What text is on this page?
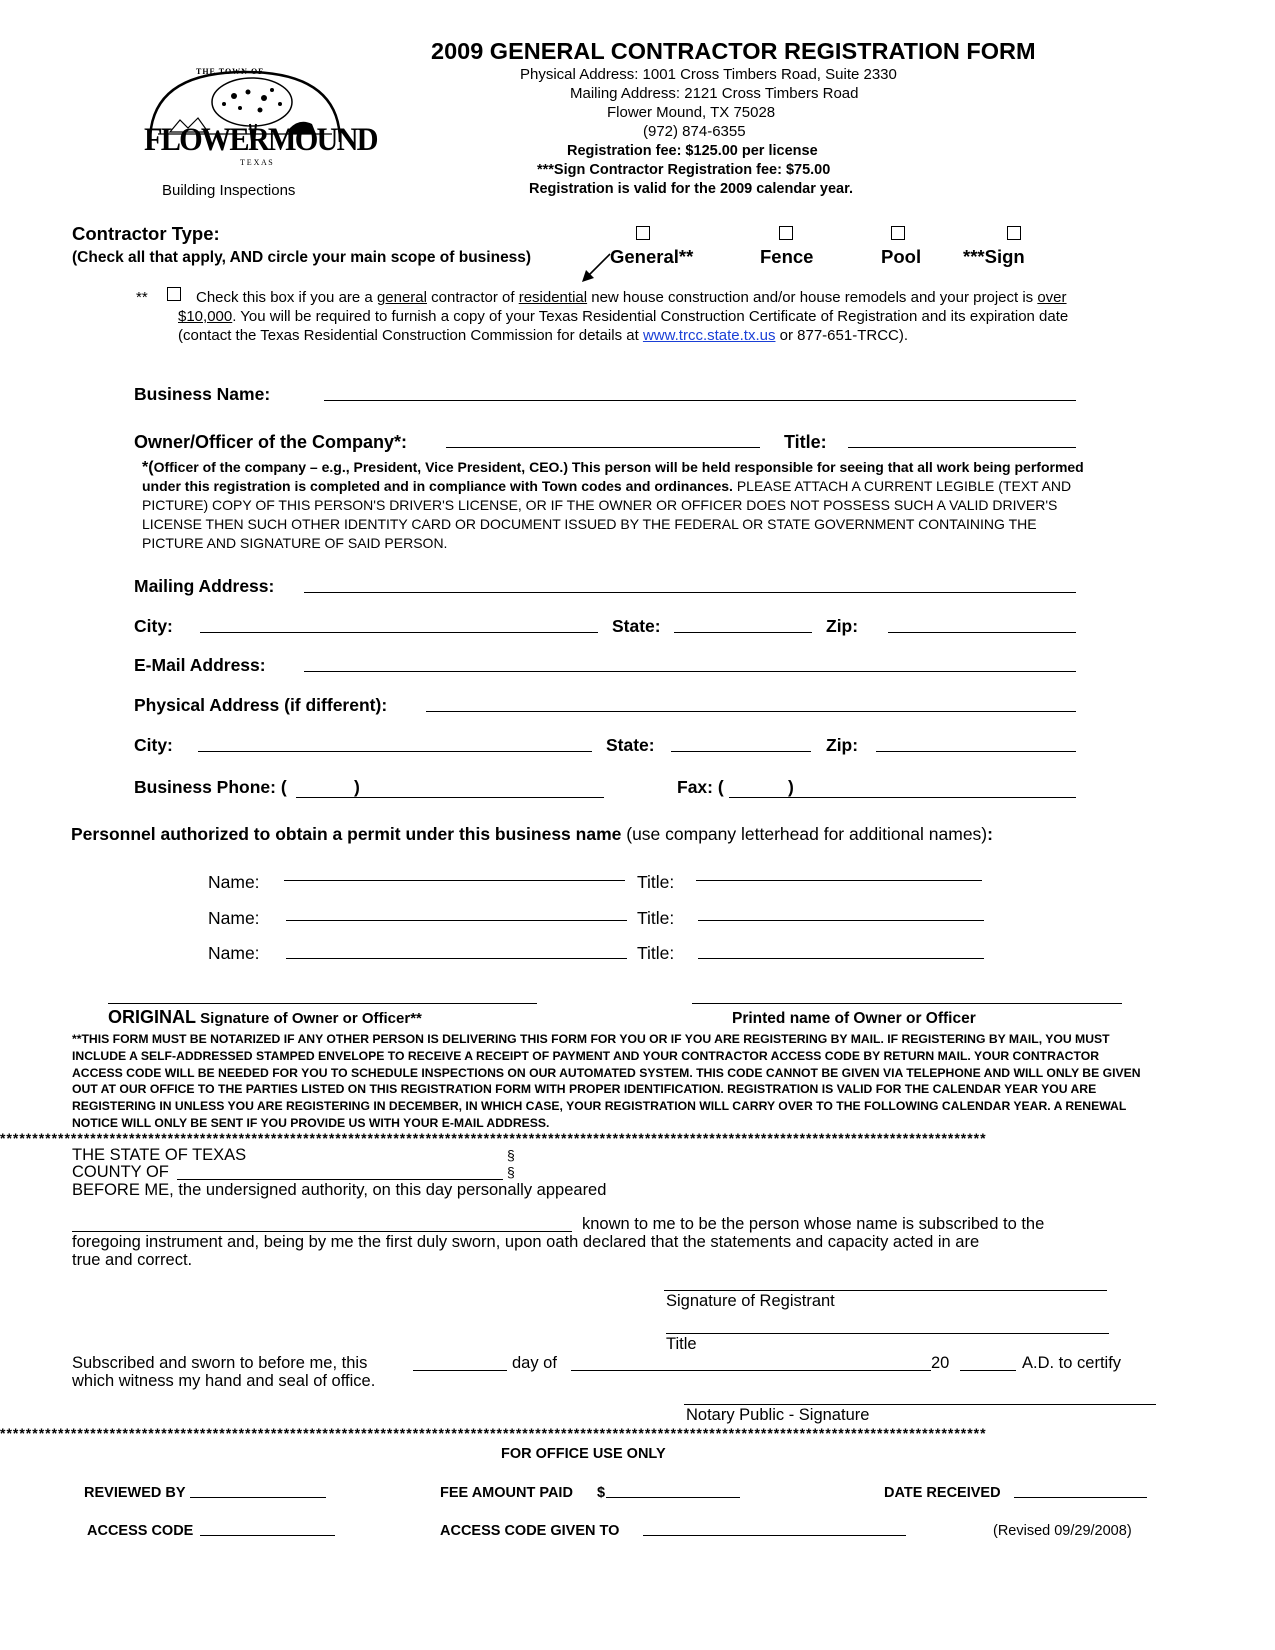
THE TOWN OF
FLOWERMOUND
T E X A S
Building Inspections
2009 GENERAL CONTRACTOR REGISTRATION FORM
Physical Address: 1001 Cross Timbers Road, Suite 2330
Mailing Address: 2121 Cross Timbers Road
Flower Mound, TX 75028
(972) 874-6355
Registration fee: $125.00 per license
***Sign Contractor Registration fee: $75.00
Registration is valid for the 2009 calendar year.
Contractor Type:
(Check all that apply, AND circle your main scope of business)	General**	Fence	Pool ***Sign
**	Check this box if you are a general contractor of residential new house construction and/or house remodels and your project is over $10,000. You will be required to furnish a copy of your Texas Residential Construction Certificate of Registration and its expiration date (contact the Texas Residential Construction Commission for details at www.trcc.state.tx.us or 877-651-TRCC).
Business Name:
Owner/Officer of the Company*:	Title:
*(Officer of the company – e.g., President, Vice President, CEO.) This person will be held responsible for seeing that all work being performed under this registration is completed and in compliance with Town codes and ordinances. PLEASE ATTACH A CURRENT LEGIBLE (TEXT AND PICTURE) COPY OF THIS PERSON'S DRIVER'S LICENSE, OR IF THE OWNER OR OFFICER DOES NOT POSSESS SUCH A VALID DRIVER'S LICENSE THEN SUCH OTHER IDENTITY CARD OR DOCUMENT ISSUED BY THE FEDERAL OR STATE GOVERNMENT CONTAINING THE PICTURE AND SIGNATURE OF SAID PERSON.
Mailing Address:
City:	State:	Zip:
E-Mail Address:
Physical Address (if different):
City:	State:	Zip:
Business Phone: (	)	Fax: (	)
Personnel authorized to obtain a permit under this business name (use company letterhead for additional names):
Name:	Title:
Name:	Title:
Name:	Title:
ORIGINAL Signature of Owner or Officer**	Printed name of Owner or Officer
**THIS FORM MUST BE NOTARIZED IF ANY OTHER PERSON IS DELIVERING THIS FORM FOR YOU OR IF YOU ARE REGISTERING BY MAIL. IF REGISTERING BY MAIL, YOU MUST INCLUDE A SELF-ADDRESSED STAMPED ENVELOPE TO RECEIVE A RECEIPT OF PAYMENT AND YOUR CONTRACTOR ACCESS CODE BY RETURN MAIL. YOUR CONTRACTOR ACCESS CODE WILL BE NEEDED FOR YOU TO SCHEDULE INSPECTIONS ON OUR AUTOMATED SYSTEM. THIS CODE CANNOT BE GIVEN VIA TELEPHONE AND WILL ONLY BE GIVEN OUT AT OUR OFFICE TO THE PARTIES LISTED ON THIS REGISTRATION FORM WITH PROPER IDENTIFICATION. REGISTRATION IS VALID FOR THE CALENDAR YEAR YOU ARE REGISTERING IN UNLESS YOU ARE REGISTERING IN DECEMBER, IN WHICH CASE, YOUR REGISTRATION WILL CARRY OVER TO THE FOLLOWING CALENDAR YEAR. A RENEWAL NOTICE WILL ONLY BE SENT IF YOU PROVIDE US WITH YOUR E-MAIL ADDRESS.
*********************************************************************************************************************************************************
THE STATE OF TEXAS	§
COUNTY OF	§
BEFORE ME, the undersigned authority, on this day personally appeared
known to me to be the person whose name is subscribed to the
foregoing instrument and, being by me the first duly sworn, upon oath declared that the statements and capacity acted in are
true and correct.
Signature of Registrant
Title
Subscribed and sworn to before me, this	day of	20	A.D. to certify
which witness my hand and seal of office.
Notary Public - Signature
*********************************************************************************************************************************************************
FOR OFFICE USE ONLY
REVIEWED BY	FEE AMOUNT PAID $	DATE RECEIVED
ACCESS CODE	ACCESS CODE GIVEN TO	(Revised 09/29/2008)
